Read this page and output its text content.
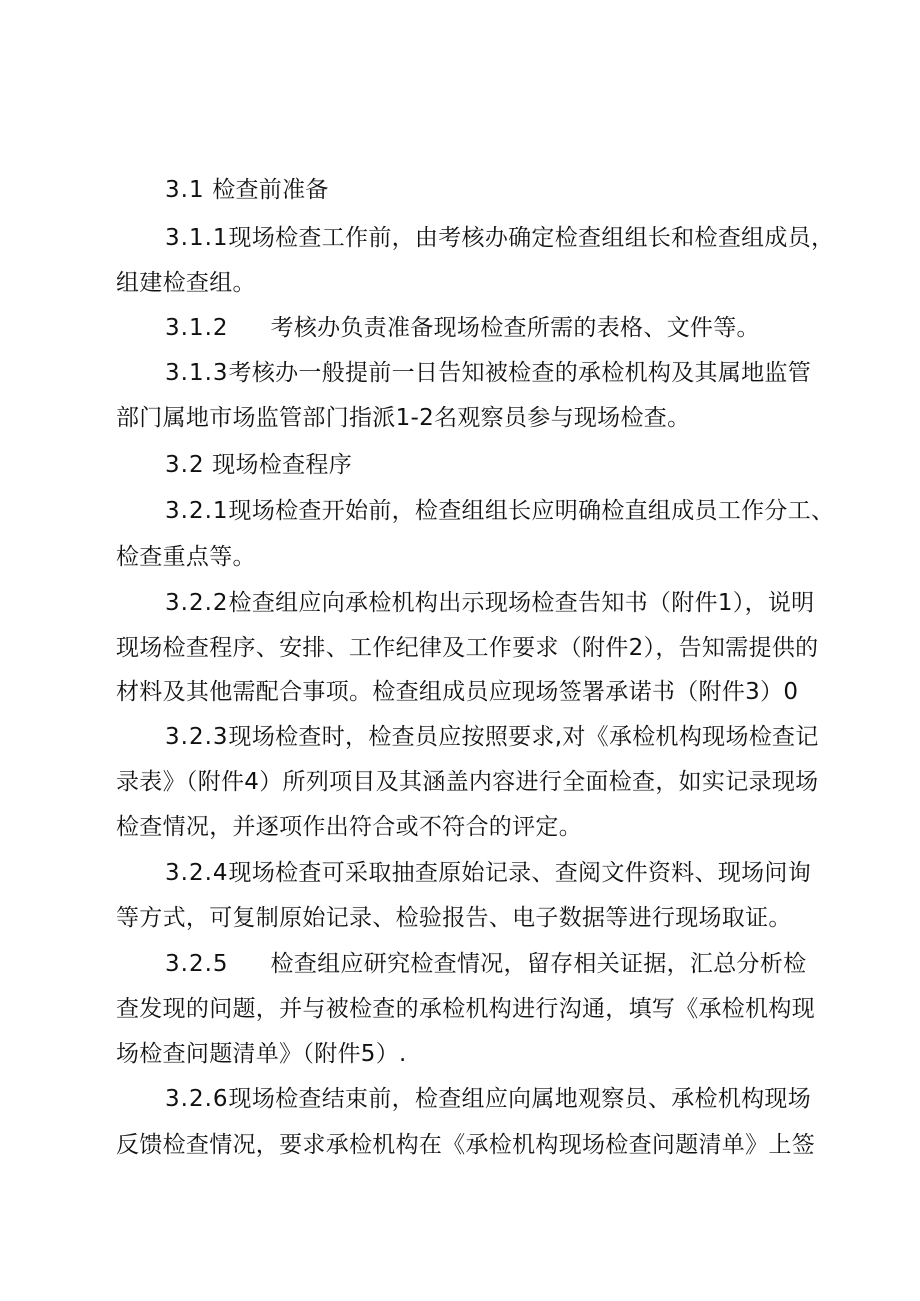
3.1 检查前准备
3.1.1现场检查工作前，由考核办确定检查组组长和检查组成员，
组建检查组。
3.1.2 考核办负责准备现场检查所需的表格、文件等。
3.1.3考核办一般提前一日告知被检查的承检机构及其属地监管
部门属地市场监管部门指派1-2名观察员参与现场检查。
3.2 现场检查程序
3.2.1现场检查开始前，检查组组长应明确检直组成员工作分工、
检查重点等。
3.2.2检查组应向承检机构出示现场检查告知书（附件1），说明
现场检查程序、安排、工作纪律及工作要求（附件2），告知需提供的
材料及其他需配合事项。检查组成员应现场签署承诺书（附件3）0
3.2.3现场检查时，检查员应按照要求,对《承检机构现场检查记
录表》（附件4）所列项目及其涵盖内容进行全面检查，如实记录现场
检查情况，并逐项作出符合或不符合的评定。
3.2.4现场检査可采取抽查原始记录、查阅文件资料、现场问询
等方式，可复制原始记录、检验报告、电子数据等进行现场取证。
3.2.5 检查组应研究检查情况，留存相关证据，汇总分析检
查发现的问题，并与被检查的承检机构进行沟通，填写《承检机构现
场检查问题清单》（附件5）.
3.2.6现场检查结束前，检查组应向属地观察员、承检机构现场
反馈检查情况，要求承检机构在《承检机构现场检查问题清单》上签
